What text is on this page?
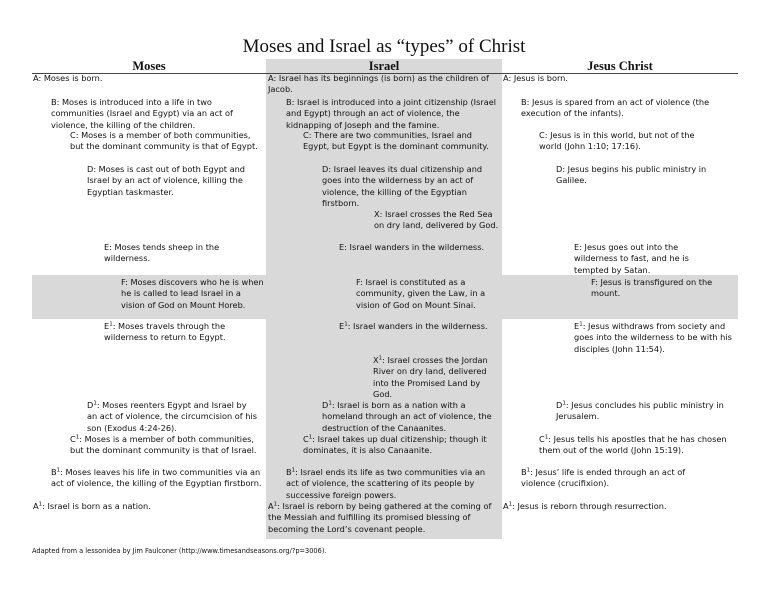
Moses and Israel as “types” of Christ
Moses	Israel	Jesus Christ
A: Moses is born.
B: Moses is introduced into a life in two communities (Israel and Egypt) via an act of violence, the killing of the children.
C: Moses is a member of both communities, but the dominant community is that of Egypt.
D: Moses is cast out of both Egypt and Israel by an act of violence, killing the Egyptian taskmaster.
E: Moses tends sheep in the wilderness.
F: Moses discovers who he is when he is called to lead Israel in a vision of God on Mount Horeb.
$E^1$: Moses travels through the wilderness to return to Egypt.
$D^1$: Moses reenters Egypt and Israel by an act of violence, the circumcision of his son (Exodus 4:24-26).
$C^1$: Moses is a member of both communities, but the dominant community is that of Israel.
$B^1$: Moses leaves his life in two communities via an act of violence, the killing of the Egyptian firstborn.
$A^1$: Israel is born as a nation.
A: Israel has its beginnings (is born) as the children of Jacob.
B: Israel is introduced into a joint citizenship (Israel and Egypt) through an act of violence, the kidnapping of Joseph and the famine.
C: There are two communities, Israel and Egypt, but Egypt is the dominant community.
D: Israel leaves its dual citizenship and goes into the wilderness by an act of violence, the killing of the Egyptian firstborn.
X: Israel crosses the Red Sea on dry land, delivered by God.
E: Israel wanders in the wilderness.
F: Israel is constituted as a community, given the Law, in a vision of God on Mount Sinai.
$E^1$: Israel wanders in the wilderness.
$X^1$: Israel crosses the Jordan River on dry land, delivered into the Promised Land by God.
$D^1$: Israel is born as a nation with a homeland through an act of violence, the destruction of the Canaanites.
$C^1$: Israel takes up dual citizenship; though it dominates, it is also Canaanite.
$B^1$: Israel ends its life as two communities via an act of violence, the scattering of its people by successive foreign powers.
$A^1$: Israel is reborn by being gathered at the coming of the Messiah and fulfilling its promised blessing of becoming the Lord’s covenant people.
A: Jesus is born.
B: Jesus is spared from an act of violence (the execution of the infants).
C: Jesus is in this world, but not of the world (John 1:10; 17:16).
D: Jesus begins his public ministry in Galilee.
E: Jesus goes out into the wilderness to fast, and he is tempted by Satan.
F: Jesus is transfigured on the mount.
$E^1$: Jesus withdraws from society and goes into the wilderness to be with his disciples (John 11:54).
$D^1$: Jesus concludes his public ministry in Jerusalem.
$C^1$: Jesus tells his apostles that he has chosen them out of the world (John 15:19).
$B^1$: Jesus’ life is ended through an act of violence (crucifixion).
$A^1$: Jesus is reborn through resurrection.
Adapted from a lessonidea by Jim Faulconer (http://www.timesandseasons.org/?p=3006).
